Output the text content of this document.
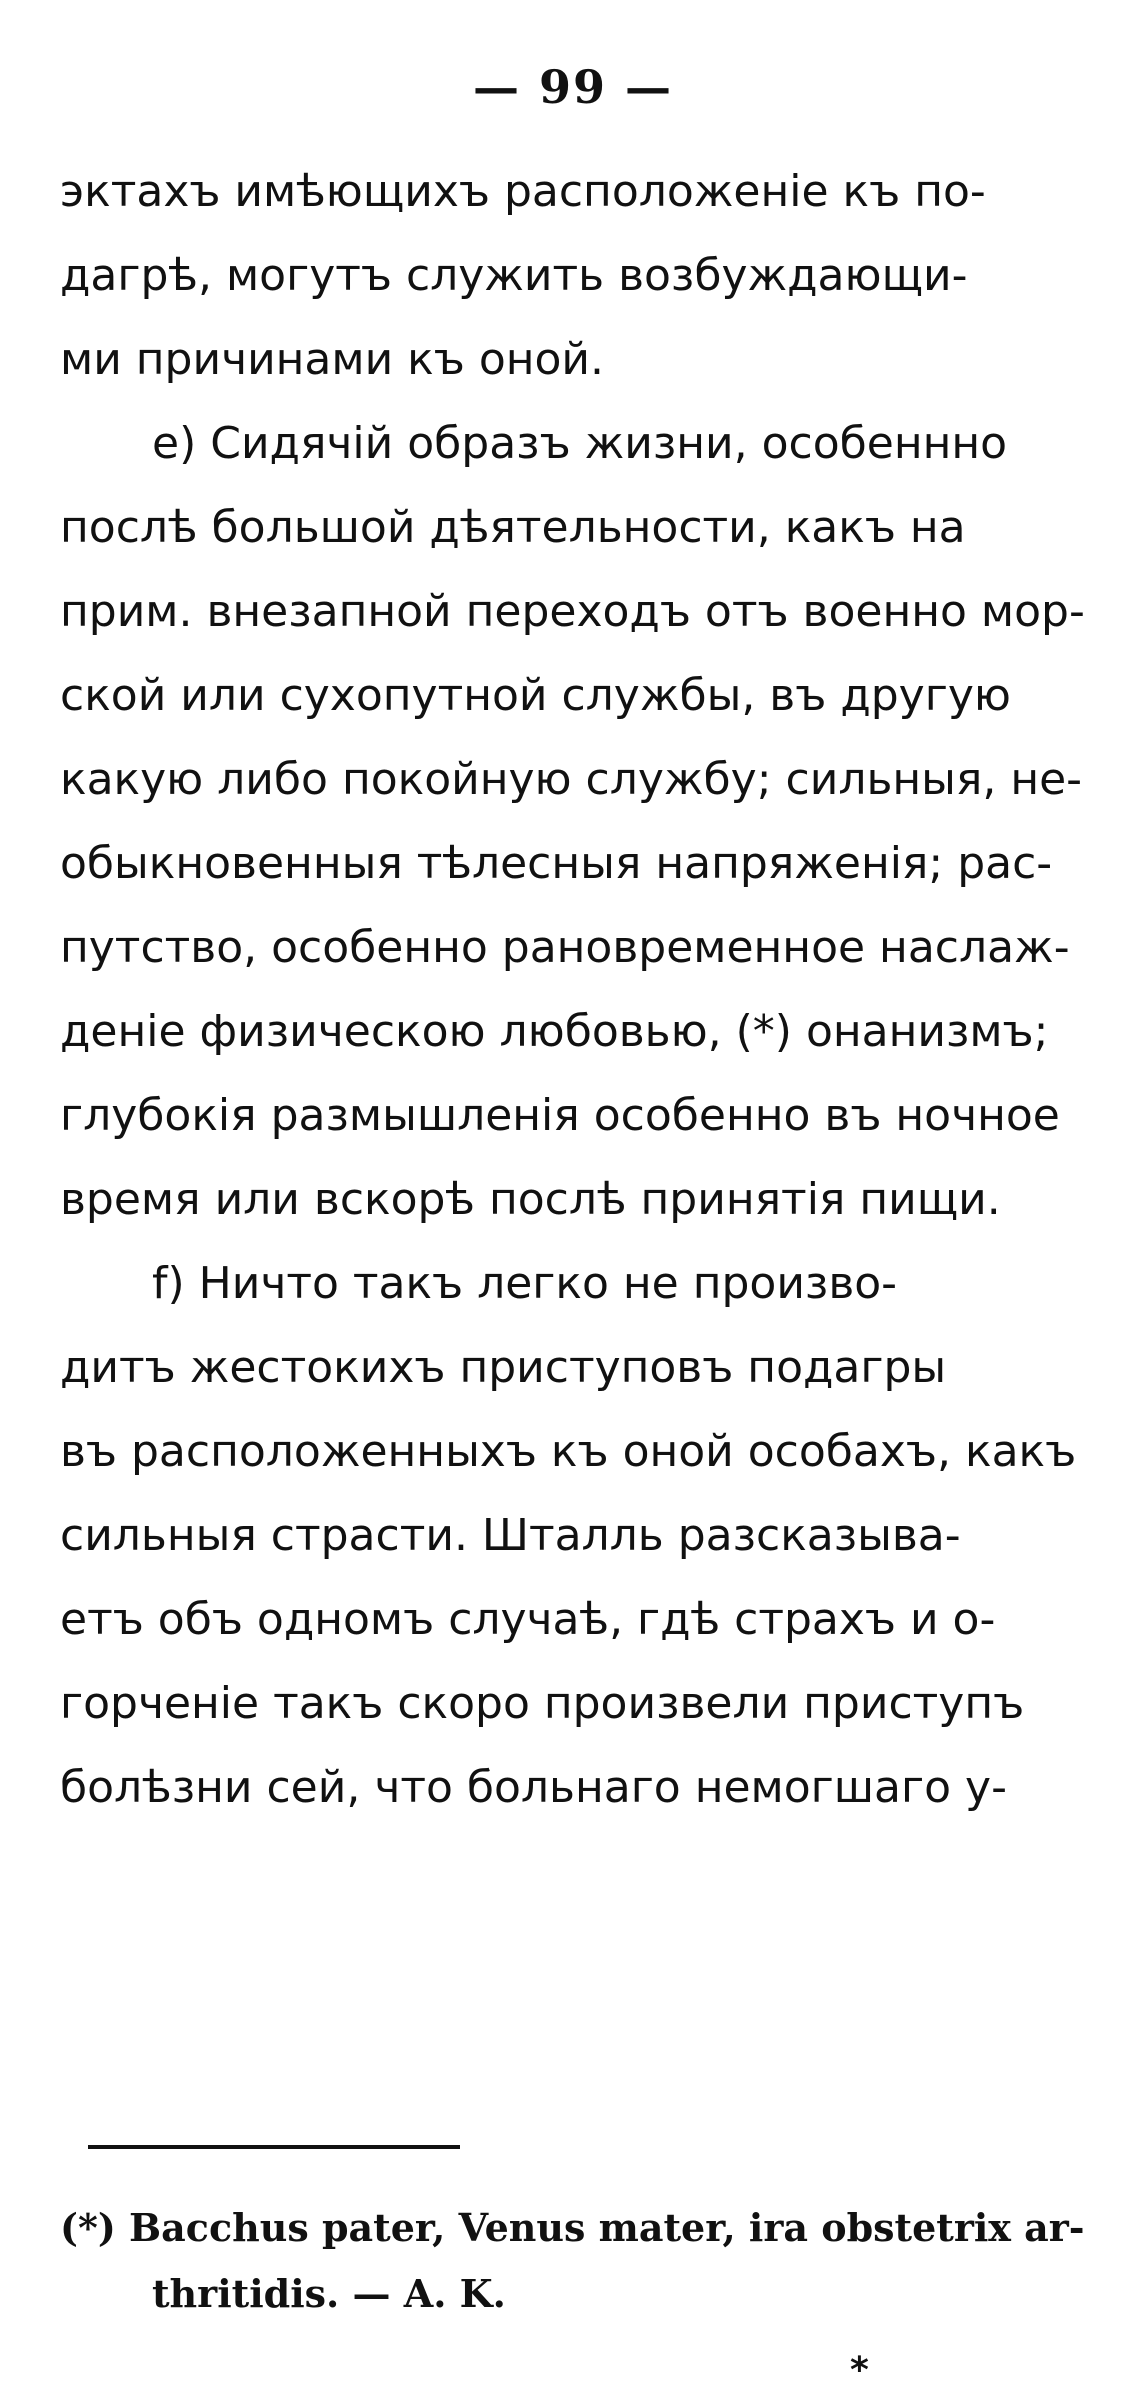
— 99 —
эктахъ имѣющихъ расположеніе къ по-
дагрѣ, могутъ служить возбуждающи-
ми причинами къ оной.
e) Сидячій образъ жизни, особеннно
послѣ большой дѣятельности, какъ на
прим. внезапной переходъ отъ военно мор-
ской или сухопутной службы, въ другую
какую либо покойную службу; сильныя, не-
обыкновенныя тѣлесныя напряженія; рас-
путство, особенно рановременное наслаж-
деніе физическою любовью, (*) онанизмъ;
глубокія размышленія особенно въ ночное
время или вскорѣ послѣ принятія пищи.
f) Ничто такъ легко не произво-
дитъ жестокихъ приступовъ подагры
въ расположенныхъ къ оной особахъ, какъ
сильныя страсти. Шталль разсказыва-
етъ объ одномъ случаѣ, гдѣ страхъ и о-
горченіе такъ скоро произвели приступъ
болѣзни сей, что больнаго немогшаго у-
(*) Bacchus pater, Venus mater, ira obstetrix ar-
thritidis. — A. K.
*
